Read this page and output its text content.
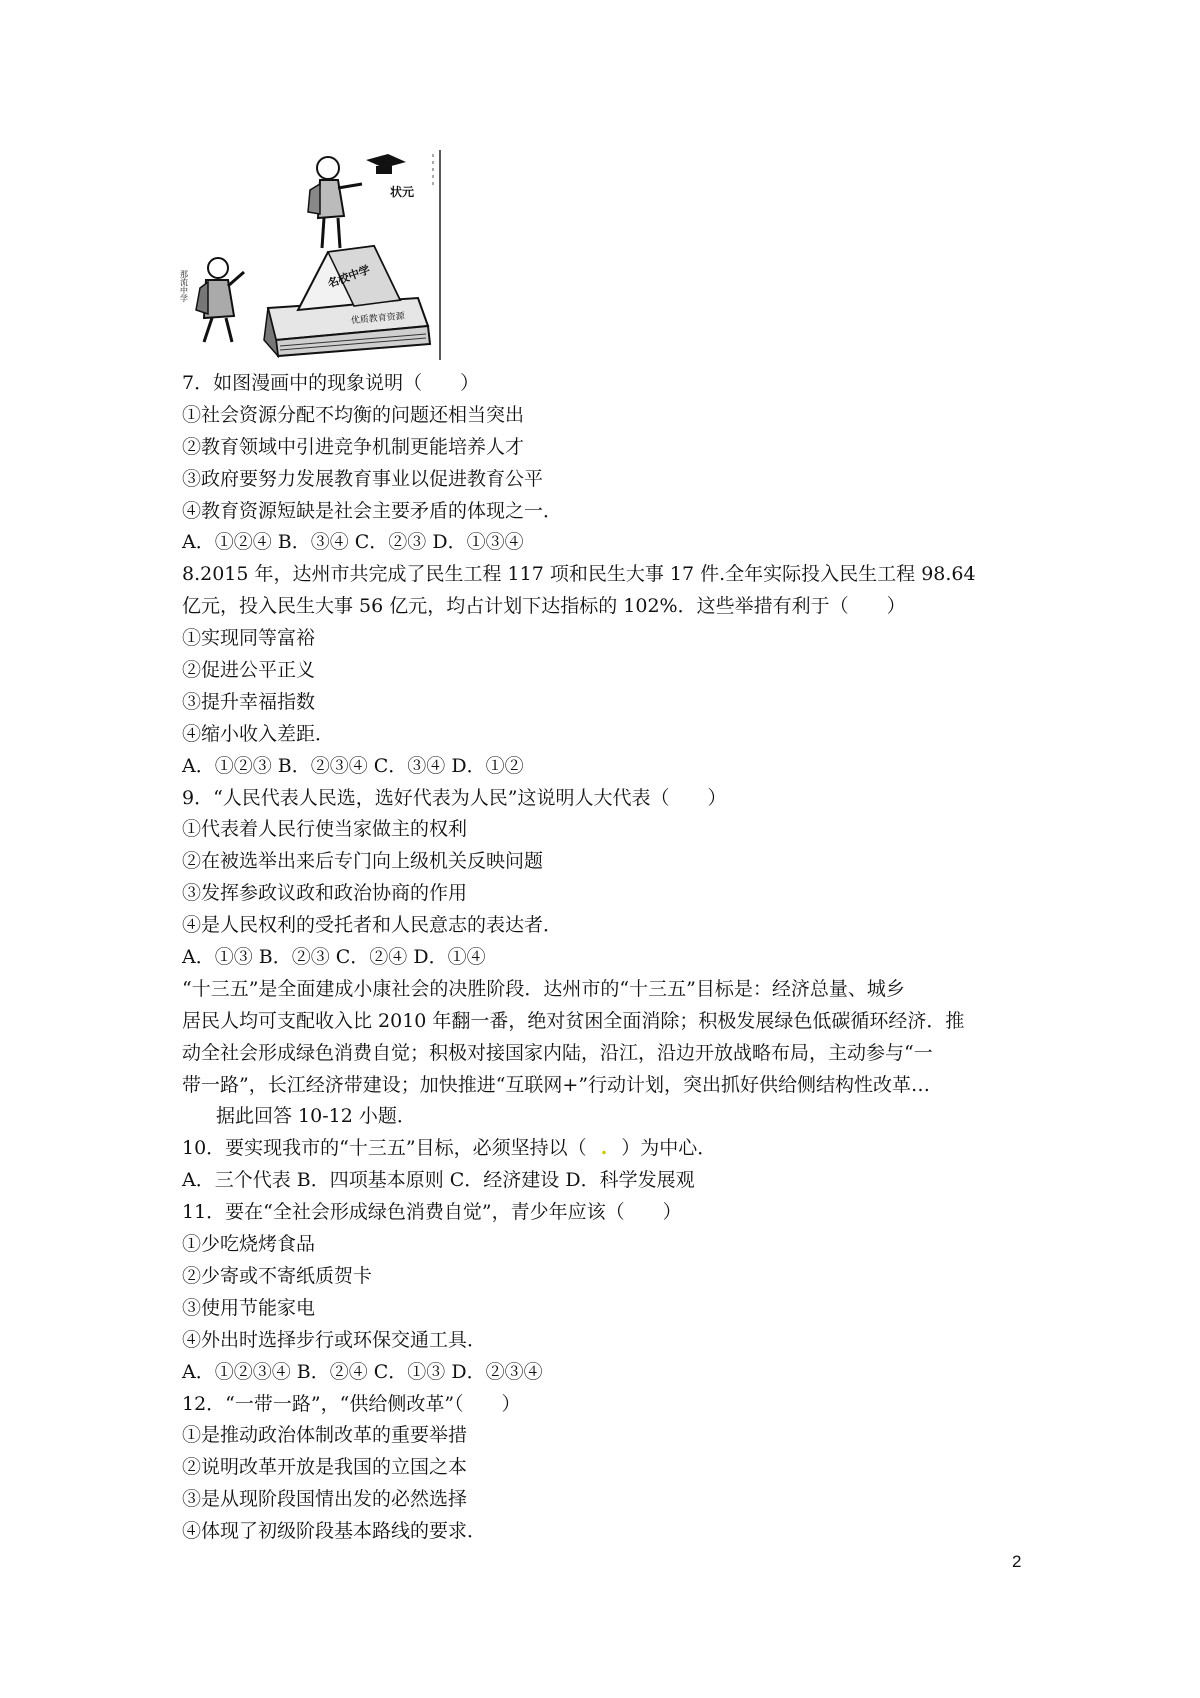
优质教育资源
名校中学
状元
那流中学
7．如图漫画中的现象说明（　　）
①社会资源分配不均衡的问题还相当突出
②教育领域中引进竞争机制更能培养人才
③政府要努力发展教育事业以促进教育公平
④教育资源短缺是社会主要矛盾的体现之一．
A．①②④ B．③④ C．②③ D．①③④
8.2015 年，达州市共完成了民生工程 117 项和民生大事 17 件.全年实际投入民生工程 98.64
亿元，投入民生大事 56 亿元，均占计划下达指标的 102%．这些举措有利于（　　）
①实现同等富裕
②促进公平正义
③提升幸福指数
④缩小收入差距．
A．①②③ B．②③④ C．③④ D．①②
9．“人民代表人民选，选好代表为人民”这说明人大代表（　　）
①代表着人民行使当家做主的权利
②在被选举出来后专门向上级机关反映问题
③发挥参政议政和政治协商的作用
④是人民权利的受托者和人民意志的表达者．
A．①③ B．②③ C．②④ D．①④
“十三五”是全面建成小康社会的决胜阶段．达州市的“十三五”目标是：经济总量、城乡
居民人均可支配收入比 2010 年翻一番，绝对贫困全面消除；积极发展绿色低碳循环经济．推
动全社会形成绿色消费自觉；积极对接国家内陆，沿江，沿边开放战略布局，主动参与“一
带一路”，长江经济带建设；加快推进“互联网+”行动计划，突出抓好供给侧结构性改革…
据此回答 10-12 小题．
10．要实现我市的“十三五”目标，必须坚持以（ . ）为中心．
A．三个代表 B．四项基本原则 C．经济建设 D．科学发展观
11．要在“全社会形成绿色消费自觉”，青少年应该（　　）
①少吃烧烤食品
②少寄或不寄纸质贺卡
③使用节能家电
④外出时选择步行或环保交通工具．
A．①②③④ B．②④ C．①③ D．②③④
12．“一带一路”，“供给侧改革”（　　）
①是推动政治体制改革的重要举措
②说明改革开放是我国的立国之本
③是从现阶段国情出发的必然选择
④体现了初级阶段基本路线的要求．
2
